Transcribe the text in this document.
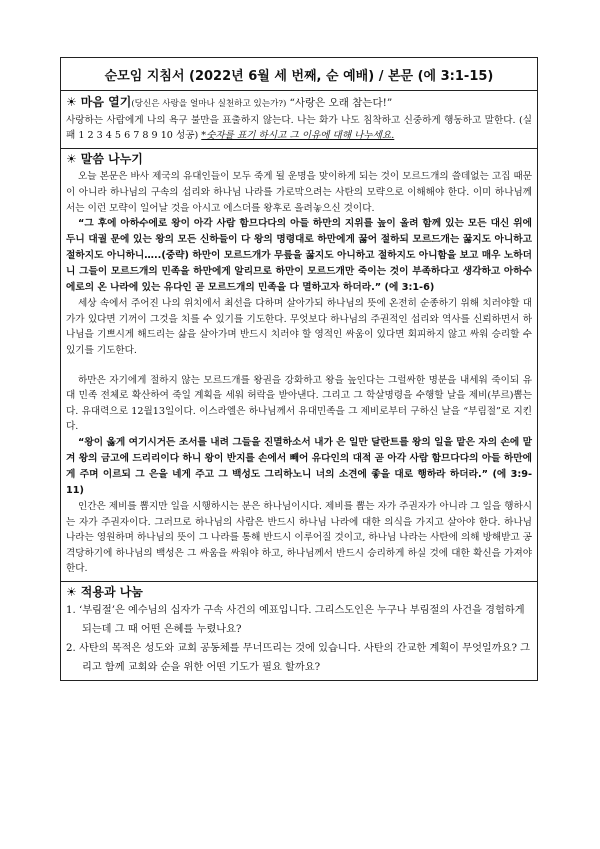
순모임 지침서 (2022년 6월 세 번째, 순 예배) / 본문 (에 3:1-15)
☀ 마음 열기(당신은 사랑을 얼마나 실천하고 있는가?) “사랑은 오래 참는다!”

사랑하는 사람에게 나의 욕구 불만을 표출하지 않는다. 나는 화가 나도 침착하고 신중하게 행동하고 말한다. (실패 1 2 3 4 5 6 7 8 9 10 성공) *숫자를 표기 하시고 그 이유에 대해 나누세요.

☀ 말씀 나누기

오늘 본문은 바사 제국의 유대인들이 모두 죽게 될 운명을 맞이하게 되는 것이 모르드개의 쓸데없는 고집 때문이 아니라 하나님의 구속의 섭리와 하나님 나라를 가로막으려는 사탄의 모략으로 이해해야 한다. 이미 하나님께서는 이런 모략이 일어날 것을 아시고 에스더를 왕후로 올려놓으신 것이다.

“그 후에 아하수에로 왕이 아각 사람 함므다다의 아들 하만의 지위를 높이 올려 함께 있는 모든 대신 위에 두니 대궐 문에 있는 왕의 모든 신하들이 다 왕의 명령대로 하만에게 꿇어 절하되 모르드개는 꿇지도 아니하고 절하지도 아니하니…..(중략) 하만이 모르드개가 무릎을 꿇지도 아니하고 절하지도 아니함을 보고 매우 노하더니 그들이 모르드개의 민족을 하만에게 알리므로 하만이 모르드개만 죽이는 것이 부족하다고 생각하고 아하수에로의 온 나라에 있는 유다인 곧 모르드개의 민족을 다 멸하고자 하더라.” (에 3:1-6)

세상 속에서 주어진 나의 위치에서 최선을 다하며 살아가되 하나님의 뜻에 온전히 순종하기 위해 치러야할 대가가 있다면 기꺼이 그것을 치를 수 있기를 기도한다. 무엇보다 하나님의 주권적인 섭리와 역사를 신뢰하면서 하나님을 기쁘시게 해드리는 삶을 살아가며 반드시 치러야 할 영적인 싸움이 있다면 회피하지 않고 싸워 승리할 수 있기를 기도한다.

하만은 자기에게 절하지 않는 모르드개를 왕권을 강화하고 왕을 높인다는 그럴싸한 명분을 내세워 죽이되 유대 민족 전체로 확산하여 죽일 계획을 세워 허락을 받아낸다. 그리고 그 학살명령을 수행할 날을 제비(부르)뽑는다. 유대력으로 12월13일이다. 이스라엘은 하나님께서 유대민족을 그 제비로부터 구하신 날을 “부림절”로 지킨다.

“왕이 옳게 여기시거든 조서를 내려 그들을 진멸하소서 내가 은 일만 달란트를 왕의 일을 맡은 자의 손에 맡겨 왕의 금고에 드리리이다 하니 왕이 반지를 손에서 빼어 유다인의 대적 곧 아각 사람 함므다다의 아들 하만에게 주며 이르되 그 은을 네게 주고 그 백성도 그리하노니 너의 소견에 좋을 대로 행하라 하더라.” (에 3:9-11)

인간은 제비를 뽑지만 일을 시행하시는 분은 하나님이시다. 제비를 뽑는 자가 주권자가 아니라 그 일을 행하시는 자가 주권자이다. 그러므로 하나님의 사람은 반드시 하나님 나라에 대한 의식을 가지고 살아야 한다. 하나님 나라는 영원하며 하나님의 뜻이 그 나라를 통해 반드시 이루어질 것이고, 하나님 나라는 사탄에 의해 방해받고 공격당하기에 하나님의 백성은 그 싸움을 싸워야 하고, 하나님께서 반드시 승리하게 하실 것에 대한 확신을 가져야 한다.

☀ 적용과 나눔
1. ‘부림절’은 예수님의 십자가 구속 사건의 예표입니다. 그리스도인은 누구나 부림절의 사건을 경험하게 되는데 그 때 어떤 은혜를 누렸나요?
2. 사탄의 목적은 성도와 교회 공동체를 무너뜨리는 것에 있습니다. 사탄의 간교한 계획이 무엇일까요? 그리고 함께 교회와 순을 위한 어떤 기도가 필요 할까요?
